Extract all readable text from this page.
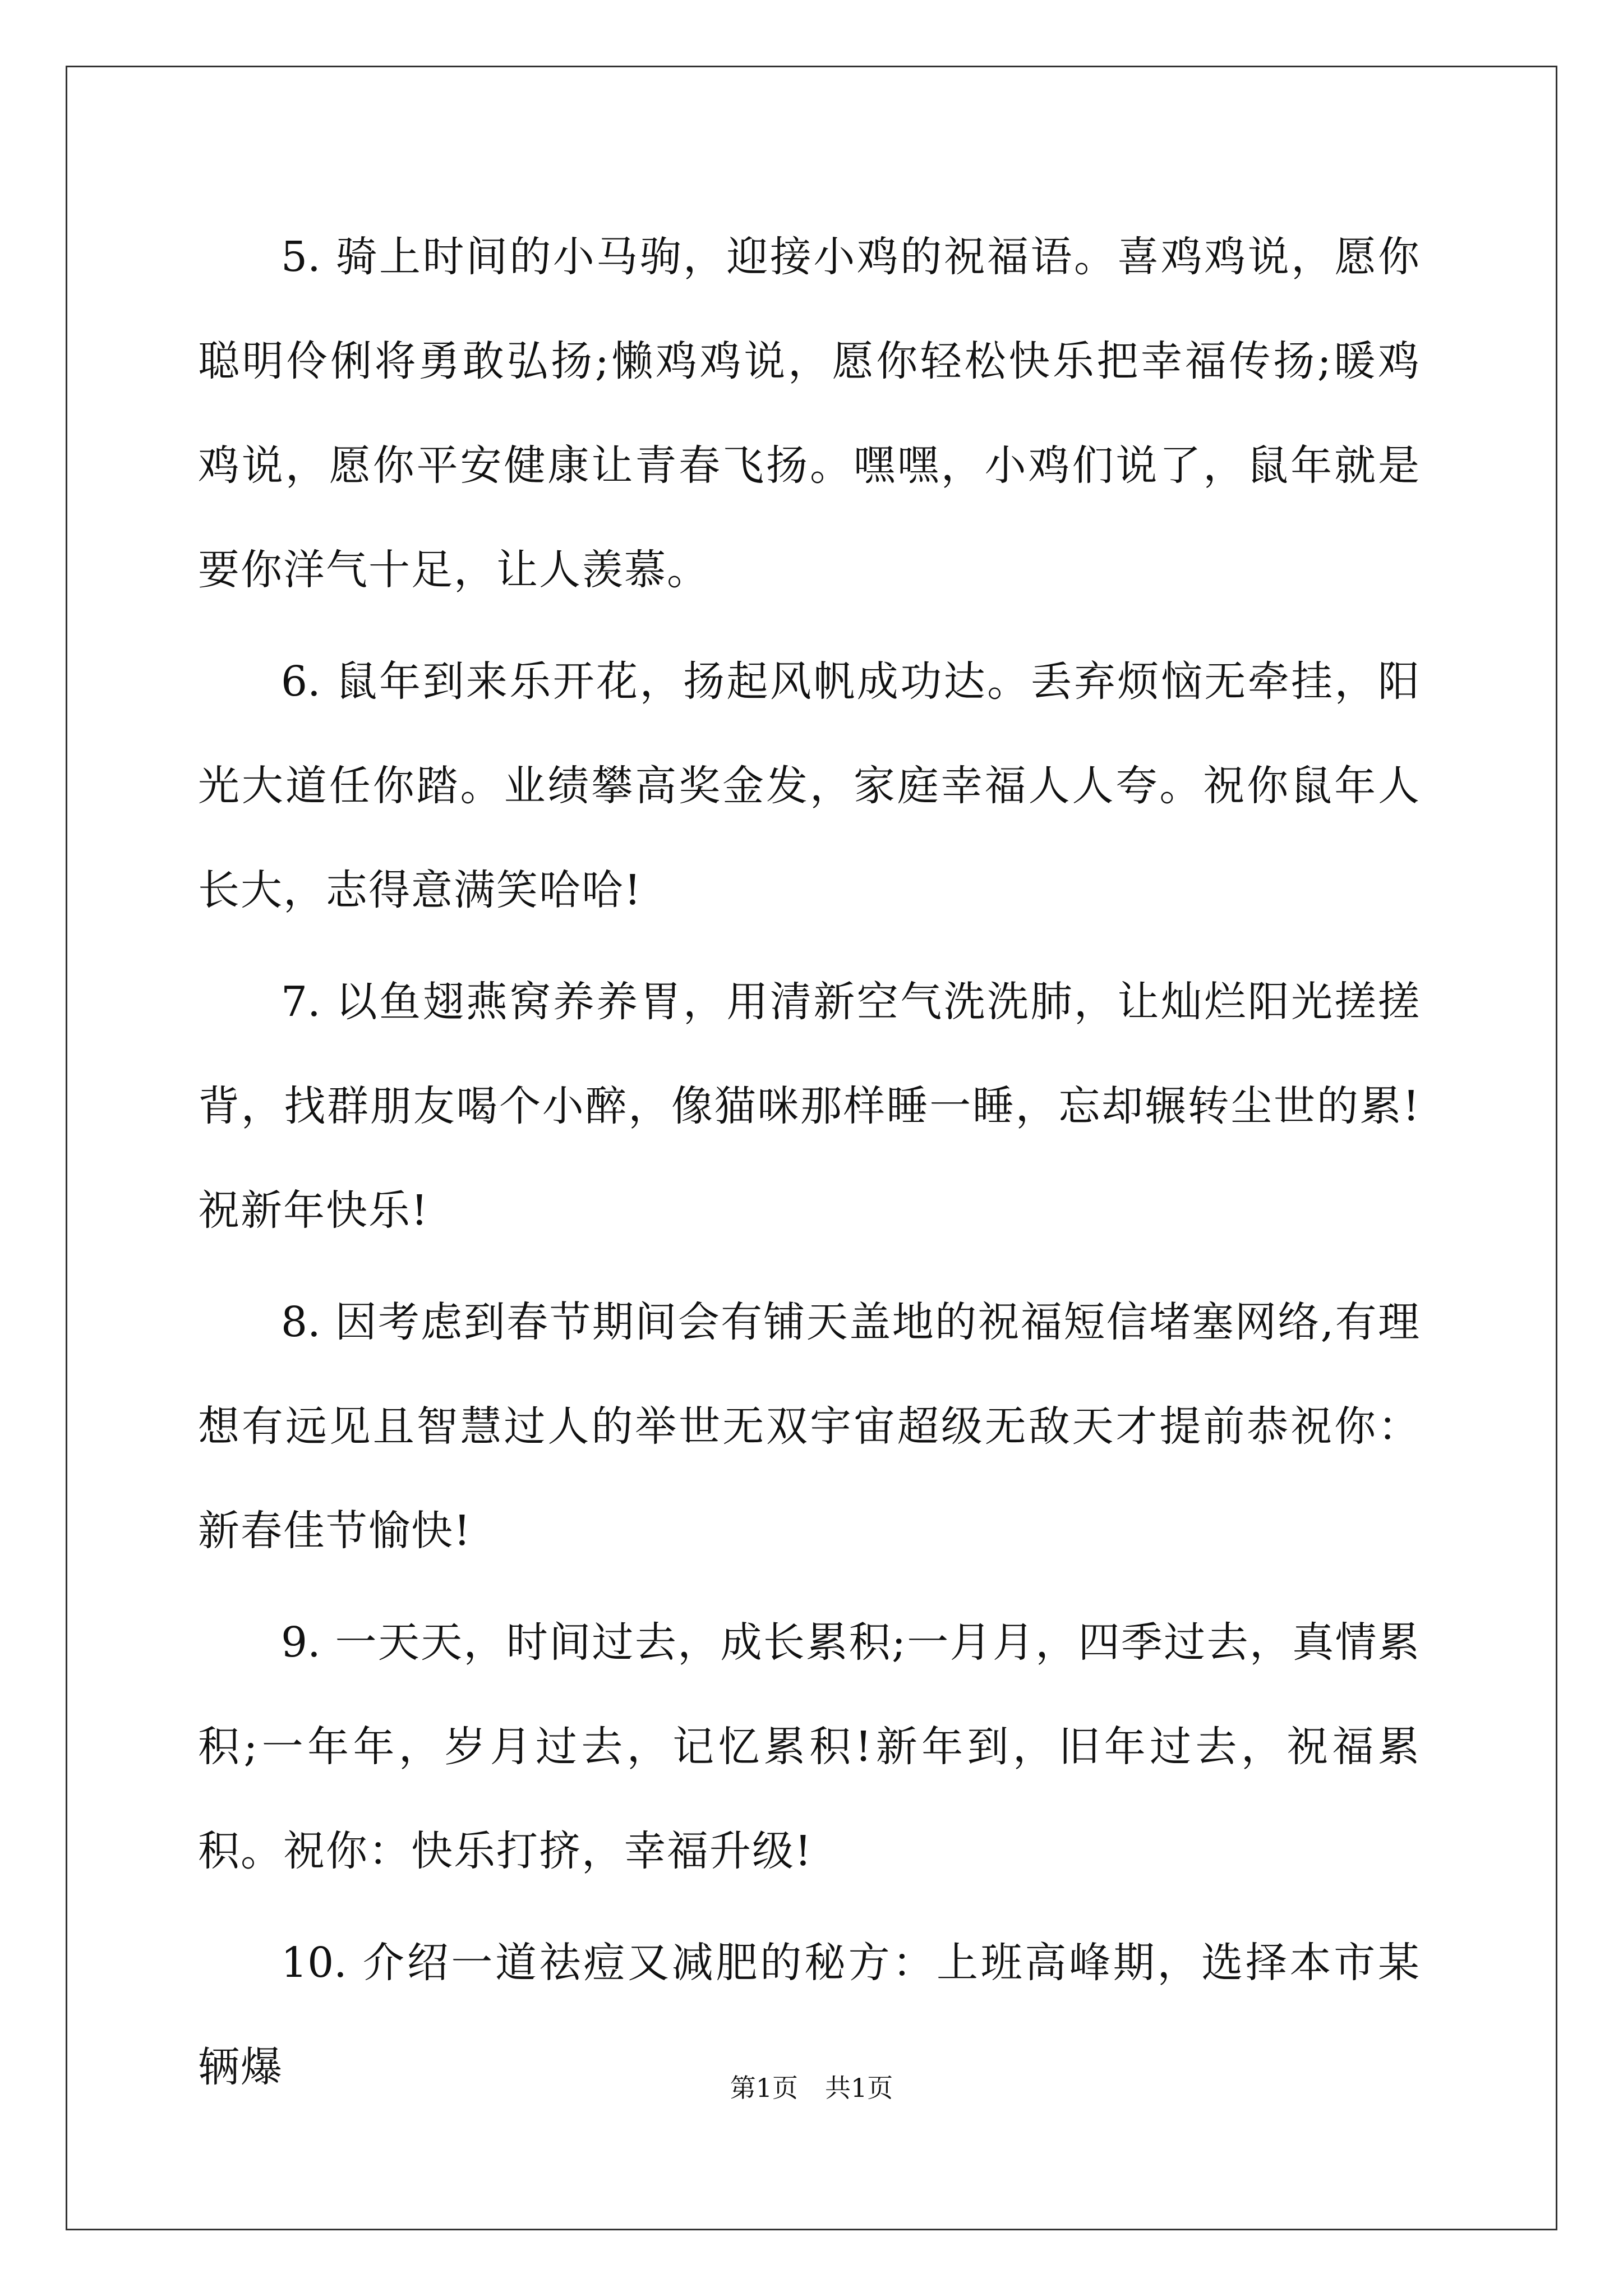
5. 骑上时间的小马驹，迎接小鸡的祝福语。喜鸡鸡说，愿你聪明伶俐将勇敢弘扬;懒鸡鸡说，愿你轻松快乐把幸福传扬;暖鸡鸡说，愿你平安健康让青春飞扬。嘿嘿，小鸡们说了，鼠年就是要你洋气十足，让人羡慕。

6. 鼠年到来乐开花，扬起风帆成功达。丢弃烦恼无牵挂，阳光大道任你踏。业绩攀高奖金发，家庭幸福人人夸。祝你鼠年人长大，志得意满笑哈哈!

7. 以鱼翅燕窝养养胃，用清新空气洗洗肺，让灿烂阳光搓搓背，找群朋友喝个小醉，像猫咪那样睡一睡，忘却辗转尘世的累!祝新年快乐!

8. 因考虑到春节期间会有铺天盖地的祝福短信堵塞网络,有理想有远见且智慧过人的举世无双宇宙超级无敌天才提前恭祝你：新春佳节愉快!

9. 一天天，时间过去，成长累积;一月月，四季过去，真情累积;一年年，岁月过去，记忆累积!新年到，旧年过去，祝福累积。祝你：快乐打挤，幸福升级!

10. 介绍一道祛痘又减肥的秘方：上班高峰期，选择本市某辆爆	第1页 共1页
